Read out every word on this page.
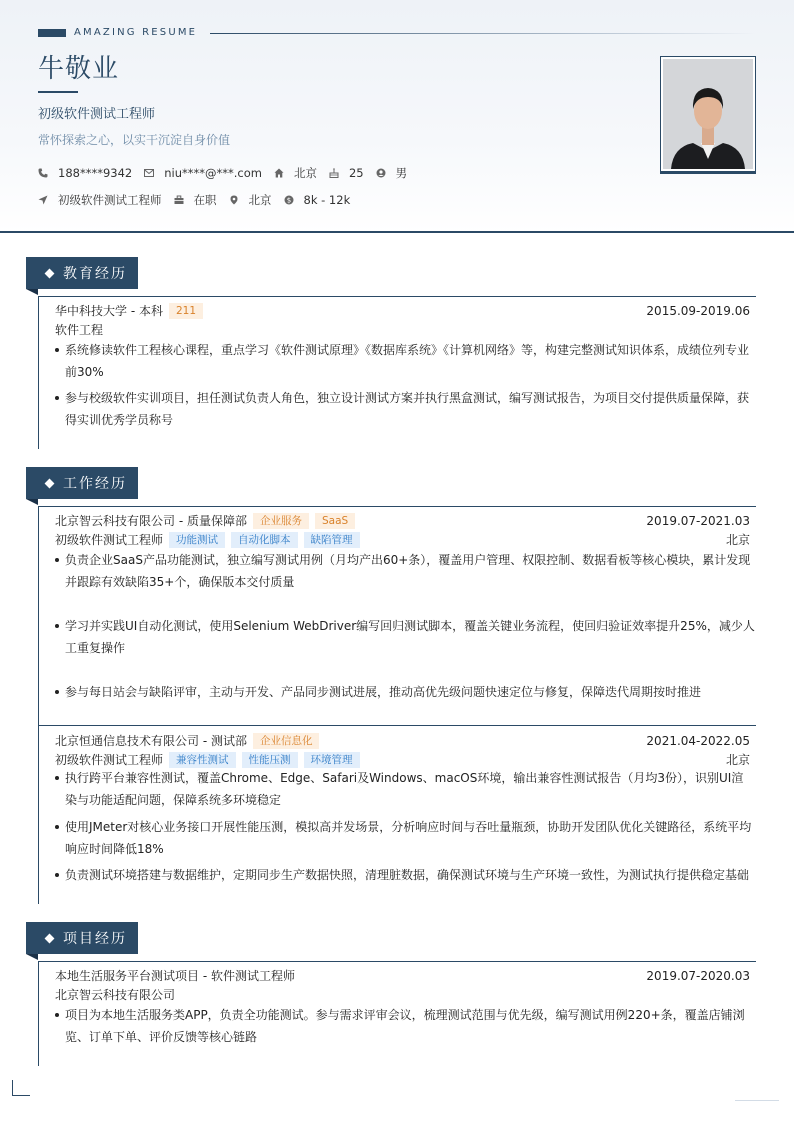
AMAZING RESUME
牛敬业
初级软件测试工程师
常怀探索之心，以实干沉淀自身价值
188****9342	niu****@***.com	北京	25	男
初级软件测试工程师	在职	北京 $ 8k - 12k
教育经历
华中科技大学 - 本科	211	2015.09-2019.06
软件工程
系统修读软件工程核心课程，重点学习《软件测试原理》《数据库系统》《计算机网络》等，构建完整测试知识体系，成绩位列专业前30%
参与校级软件实训项目，担任测试负责人角色，独立设计测试方案并执行黑盒测试，编写测试报告，为项目交付提供质量保障，获得实训优秀学员称号
工作经历
北京智云科技有限公司 - 质量保障部	企业服务	SaaS	2019.07-2021.03
初级软件测试工程师	功能测试	自动化脚本	缺陷管理	北京
负责企业SaaS产品功能测试，独立编写测试用例（月均产出60+条），覆盖用户管理、权限控制、数据看板等核心模块，累计发现并跟踪有效缺陷35+个，确保版本交付质量
学习并实践UI自动化测试，使用Selenium WebDriver编写回归测试脚本，覆盖关键业务流程，使回归验证效率提升25%，减少人工重复操作
参与每日站会与缺陷评审，主动与开发、产品同步测试进展，推动高优先级问题快速定位与修复，保障迭代周期按时推进
北京恒通信息技术有限公司 - 测试部	企业信息化	2021.04-2022.05
初级软件测试工程师	兼容性测试	性能压测	环境管理	北京
执行跨平台兼容性测试，覆盖Chrome、Edge、Safari及Windows、macOS环境，输出兼容性测试报告（月均3份），识别UI渲染与功能适配问题，保障系统多环境稳定
使用JMeter对核心业务接口开展性能压测，模拟高并发场景，分析响应时间与吞吐量瓶颈，协助开发团队优化关键路径，系统平均响应时间降低18%
负责测试环境搭建与数据维护，定期同步生产数据快照，清理脏数据，确保测试环境与生产环境一致性，为测试执行提供稳定基础
项目经历
本地生活服务平台测试项目 - 软件测试工程师	2019.07-2020.03
北京智云科技有限公司
项目为本地生活服务类APP，负责全功能测试。参与需求评审会议，梳理测试范围与优先级，编写测试用例220+条，覆盖店铺浏览、订单下单、评价反馈等核心链路
